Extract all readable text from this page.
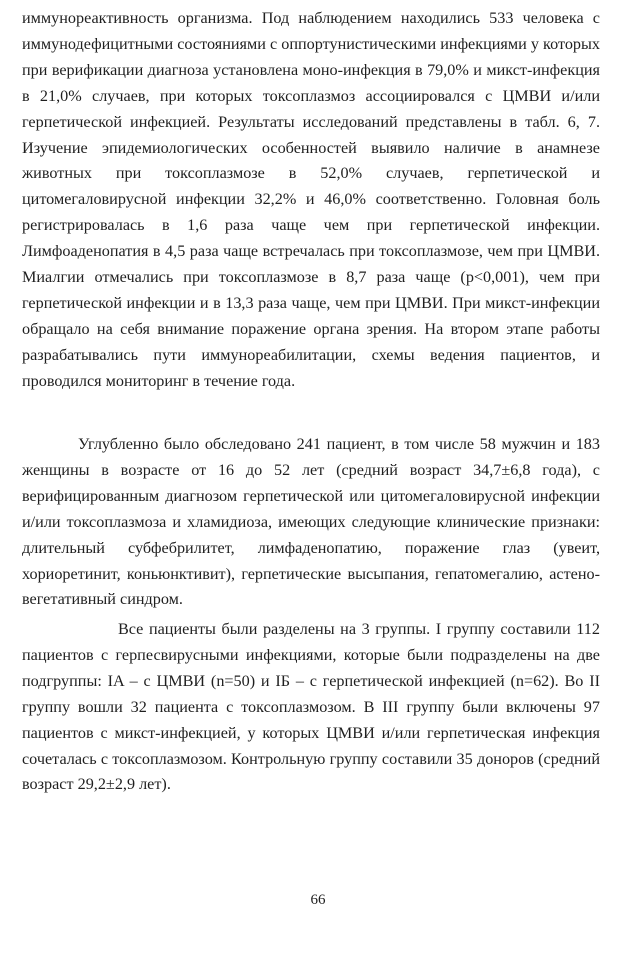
иммунореактивность организма. Под наблюдением находились 533 человека с иммунодефицитными состояниями с оппортунистическими инфекциями у которых при верификации диагноза установлена моно-инфекция в 79,0% и микст-инфекция в 21,0% случаев, при которых токсоплазмоз ассоциировался с ЦМВИ и/или герпетической инфекцией. Результаты исследований представлены в табл. 6, 7. Изучение эпидемиологических особенностей выявило наличие в анамнезе животных при токсоплазмозе в 52,0% случаев, герпетической и цитомегаловирусной инфекции 32,2% и 46,0% соответственно. Головная боль регистрировалась в 1,6 раза чаще чем при герпетической инфекции. Лимфоаденопатия в 4,5 раза чаще встречалась при токсоплазмозе, чем при ЦМВИ. Миалгии отмечались при токсоплазмозе в 8,7 раза чаще (p<0,001), чем при герпетической инфекции и в 13,3 раза чаще, чем при ЦМВИ. При микст-инфекции обращало на себя внимание поражение органа зрения. На втором этапе работы разрабатывались пути иммунореабилитации, схемы ведения пациентов, и проводился мониторинг в течение года.

Углубленно было обследовано 241 пациент, в том числе 58 мужчин и 183 женщины в возрасте от 16 до 52 лет (средний возраст 34,7±6,8 года), с верифицированным диагнозом герпетической или цитомегаловирусной инфекции и/или токсоплазмоза и хламидиоза, имеющих следующие клинические признаки: длительный субфебрилитет, лимфаденопатию, поражение глаз (увеит, хориоретинит, коньюнктивит), герпетические высыпания, гепатомегалию, астено-вегетативный синдром.

Все пациенты были разделены на 3 группы. I группу составили 112 пациентов с герпесвирусными инфекциями, которые были подразделены на две подгруппы: IA – с ЦМВИ (n=50) и IБ – с герпетической инфекцией (n=62). Во II группу вошли 32 пациента с токсоплазмозом. В III группу были включены 97 пациентов с микст-инфекцией, у которых ЦМВИ и/или герпетическая инфекция сочеталась с токсоплазмозом. Контрольную группу составили 35 доноров (средний возраст 29,2±2,9 лет).

66
